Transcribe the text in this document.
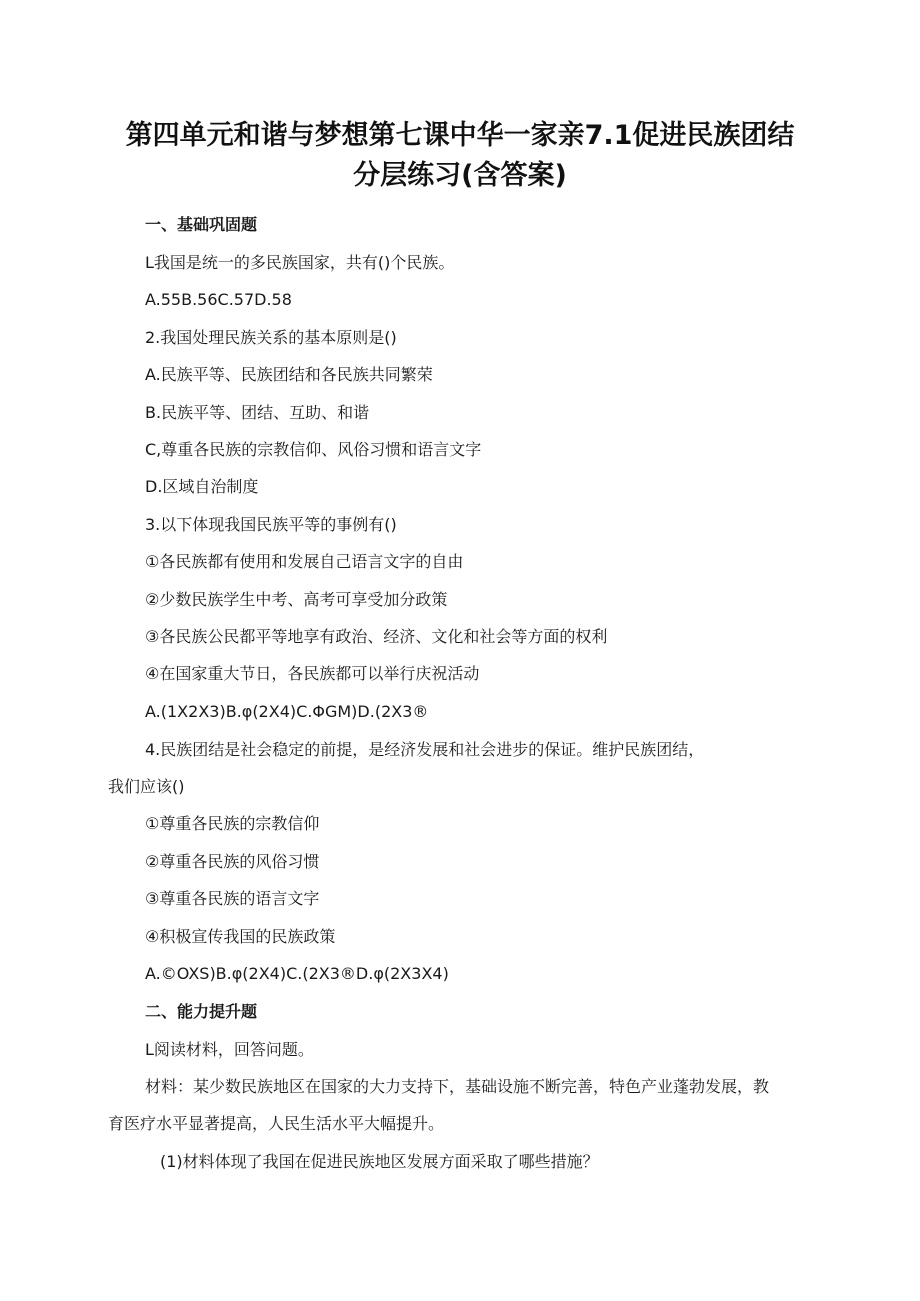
第四单元和谐与梦想第七课中华一家亲7.1促进民族团结
分层练习(含答案)
一、基础巩固题
L我国是统一的多民族国家，共有()个民族。
A.55B.56C.57D.58
2.我国处理民族关系的基本原则是()
A.民族平等、民族团结和各民族共同繁荣
B.民族平等、团结、互助、和谐
C,尊重各民族的宗教信仰、风俗习惯和语言文字
D.区域自治制度
3.以下体现我国民族平等的事例有()
①各民族都有使用和发展自己语言文字的自由
②少数民族学生中考、高考可享受加分政策
③各民族公民都平等地享有政治、经济、文化和社会等方面的权利
④在国家重大节日，各民族都可以举行庆祝活动
A.(1X2X3)B.φ(2X4)C.ΦGM)D.(2X3®
4.民族团结是社会稳定的前提，是经济发展和社会进步的保证。维护民族团结，
我们应该()
①尊重各民族的宗教信仰
②尊重各民族的风俗习惯
③尊重各民族的语言文字
④积极宣传我国的民族政策
A.©OXS)B.φ(2X4)C.(2X3®D.φ(2X3X4)
二、能力提升题
L阅读材料，回答问题。
材料：某少数民族地区在国家的大力支持下，基础设施不断完善，特色产业蓬勃发展，教
育医疗水平显著提高，人民生活水平大幅提升。
(1)材料体现了我国在促进民族地区发展方面采取了哪些措施？
